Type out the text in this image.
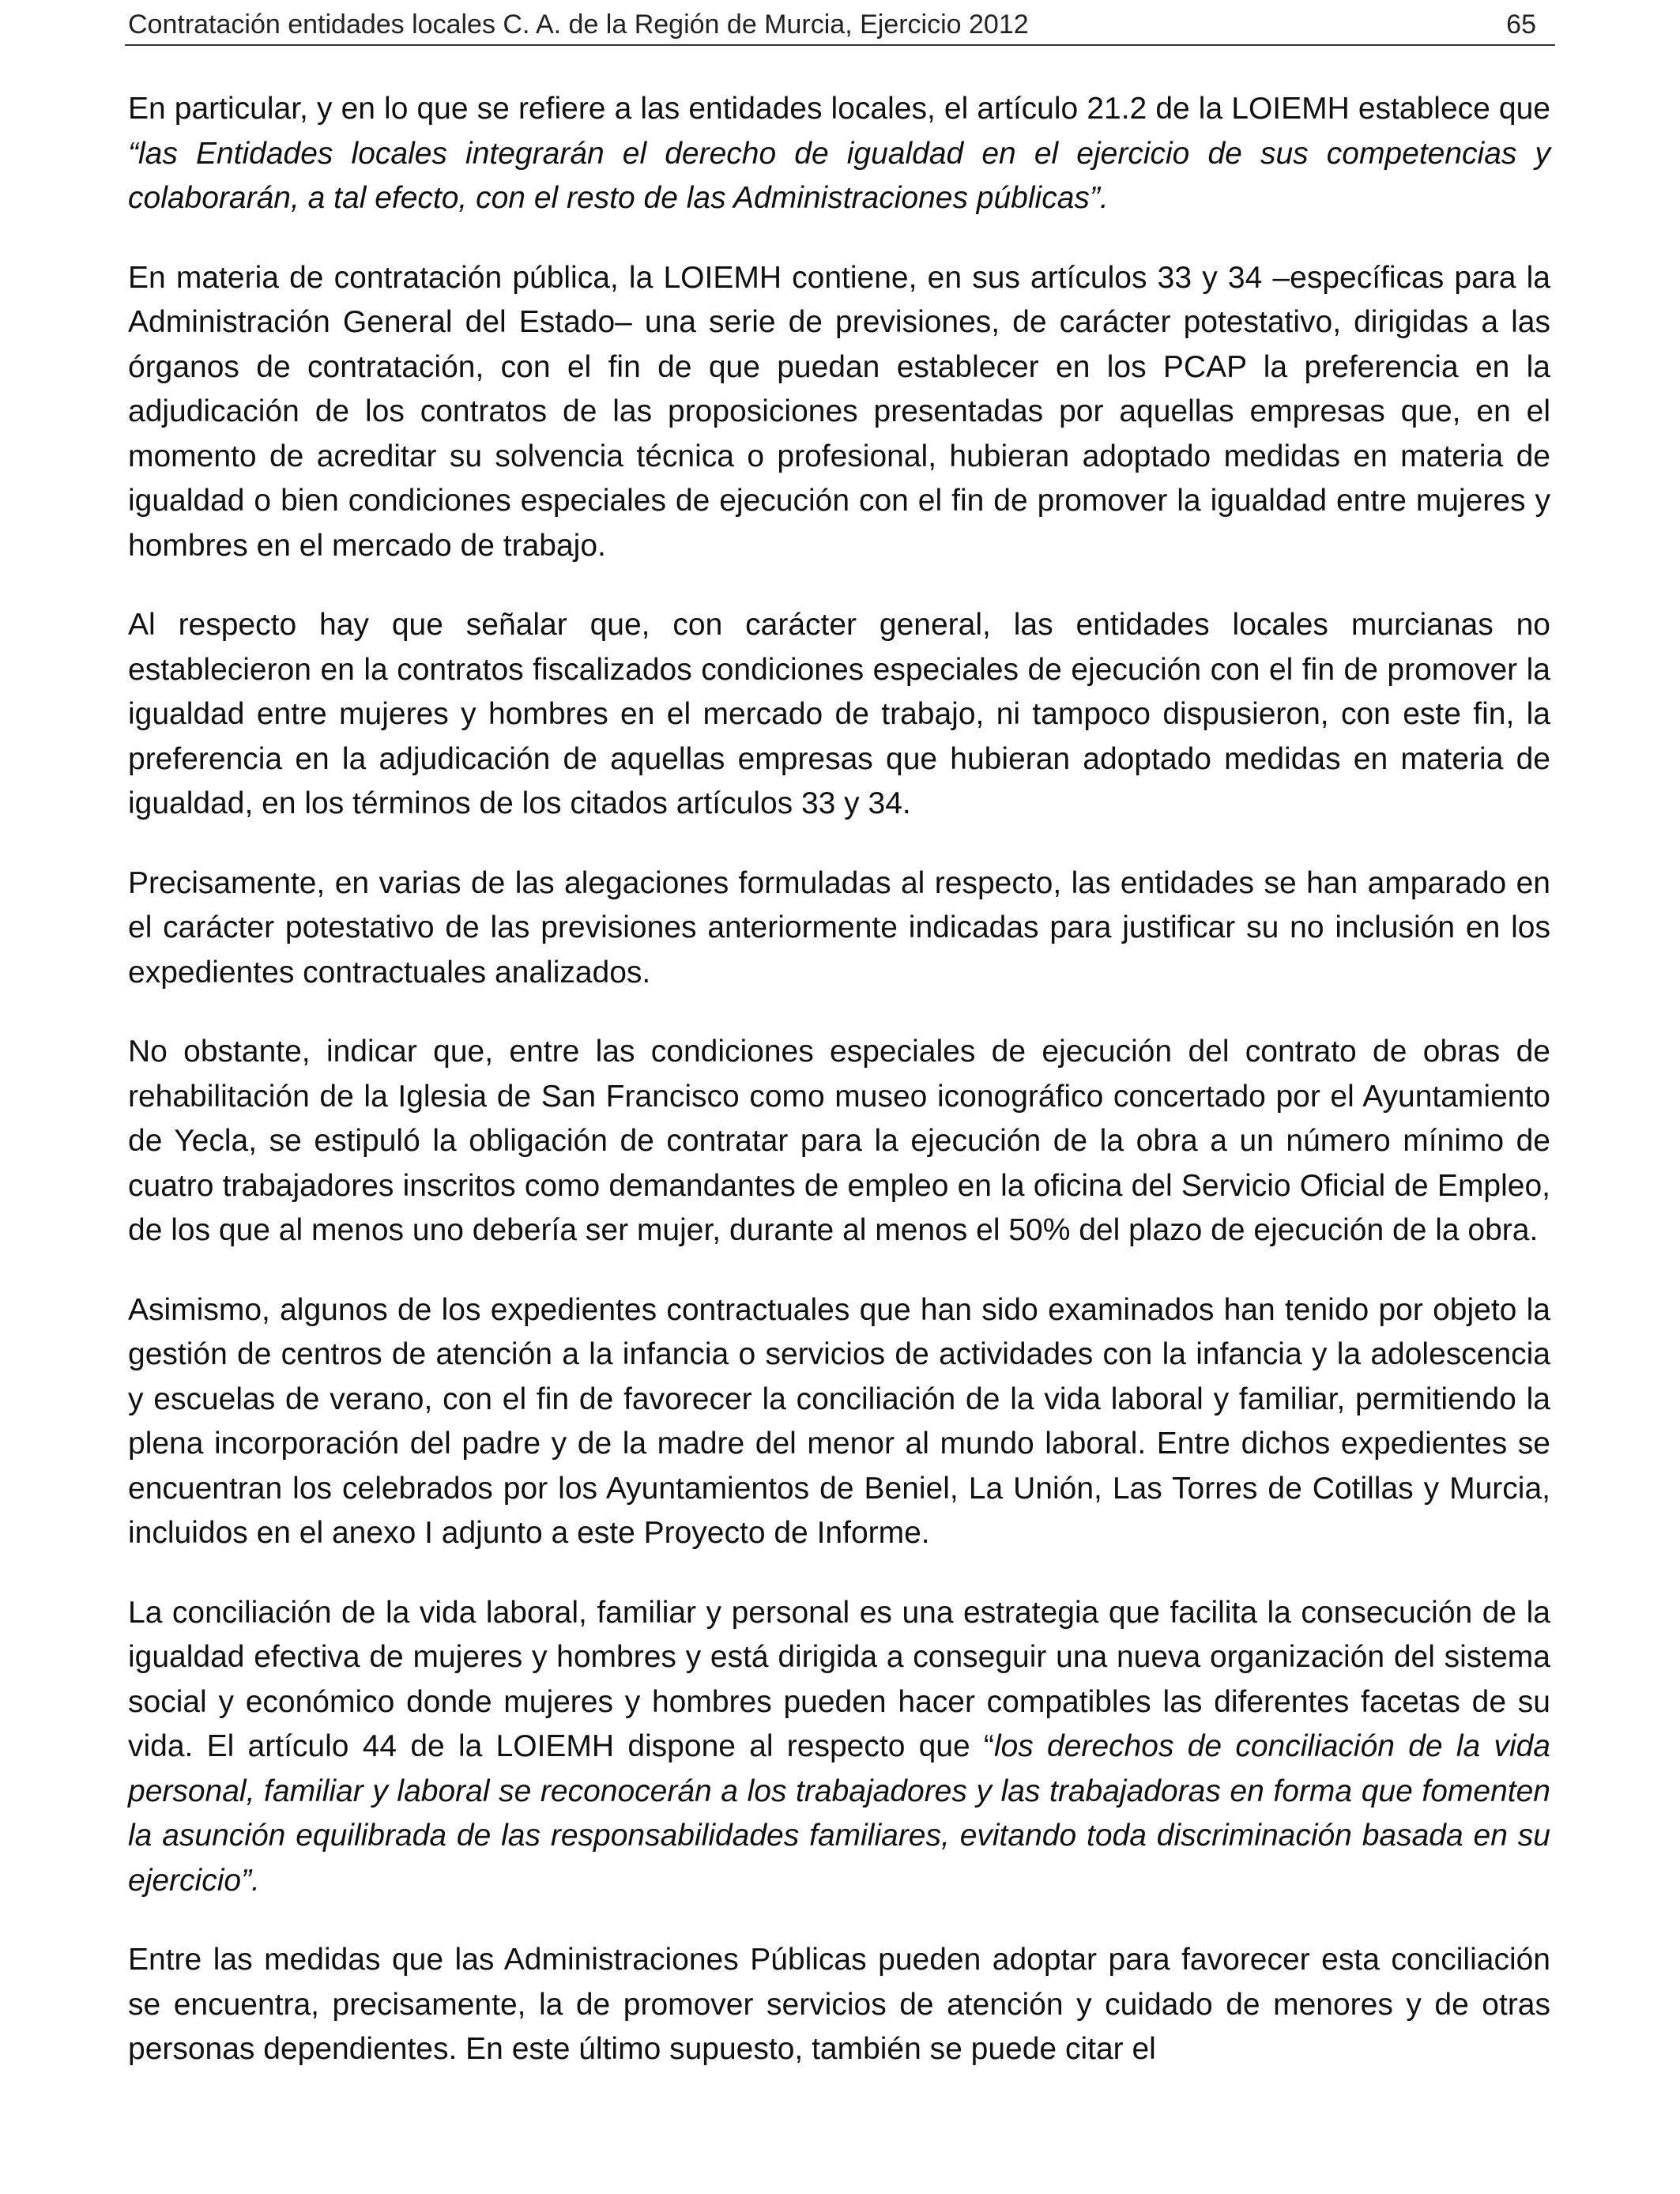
Contratación entidades locales C. A. de la Región de Murcia, Ejercicio 2012	65

En particular, y en lo que se refiere a las entidades locales, el artículo 21.2 de la LOIEMH establece que “las Entidades locales integrarán el derecho de igualdad en el ejercicio de sus competencias y colaborarán, a tal efecto, con el resto de las Administraciones públicas”.

En materia de contratación pública, la LOIEMH contiene, en sus artículos 33 y 34 –específicas para la Administración General del Estado– una serie de previsiones, de carácter potestativo, dirigidas a las órganos de contratación, con el fin de que puedan establecer en los PCAP la preferencia en la adjudicación de los contratos de las proposiciones presentadas por aquellas empresas que, en el momento de acreditar su solvencia técnica o profesional, hubieran adoptado medidas en materia de igualdad o bien condiciones especiales de ejecución con el fin de promover la igualdad entre mujeres y hombres en el mercado de trabajo.

Al respecto hay que señalar que, con carácter general, las entidades locales murcianas no establecieron en la contratos fiscalizados condiciones especiales de ejecución con el fin de promover la igualdad entre mujeres y hombres en el mercado de trabajo, ni tampoco dispusieron, con este fin, la preferencia en la adjudicación de aquellas empresas que hubieran adoptado medidas en materia de igualdad, en los términos de los citados artículos 33 y 34.

Precisamente, en varias de las alegaciones formuladas al respecto, las entidades se han amparado en el carácter potestativo de las previsiones anteriormente indicadas para justificar su no inclusión en los expedientes contractuales analizados.

No obstante, indicar que, entre las condiciones especiales de ejecución del contrato de obras de rehabilitación de la Iglesia de San Francisco como museo iconográfico concertado por el Ayuntamiento de Yecla, se estipuló la obligación de contratar para la ejecución de la obra a un número mínimo de cuatro trabajadores inscritos como demandantes de empleo en la oficina del Servicio Oficial de Empleo, de los que al menos uno debería ser mujer, durante al menos el 50% del plazo de ejecución de la obra.

Asimismo, algunos de los expedientes contractuales que han sido examinados han tenido por objeto la gestión de centros de atención a la infancia o servicios de actividades con la infancia y la adolescencia y escuelas de verano, con el fin de favorecer la conciliación de la vida laboral y familiar, permitiendo la plena incorporación del padre y de la madre del menor al mundo laboral. Entre dichos expedientes se encuentran los celebrados por los Ayuntamientos de Beniel, La Unión, Las Torres de Cotillas y Murcia, incluidos en el anexo I adjunto a este Proyecto de Informe.

La conciliación de la vida laboral, familiar y personal es una estrategia que facilita la consecución de la igualdad efectiva de mujeres y hombres y está dirigida a conseguir una nueva organización del sistema social y económico donde mujeres y hombres pueden hacer compatibles las diferentes facetas de su vida. El artículo 44 de la LOIEMH dispone al respecto que “los derechos de conciliación de la vida personal, familiar y laboral se reconocerán a los trabajadores y las trabajadoras en forma que fomenten la asunción equilibrada de las responsabilidades familiares, evitando toda discriminación basada en su ejercicio”.

Entre las medidas que las Administraciones Públicas pueden adoptar para favorecer esta conciliación se encuentra, precisamente, la de promover servicios de atención y cuidado de menores y de otras personas dependientes. En este último supuesto, también se puede citar el
